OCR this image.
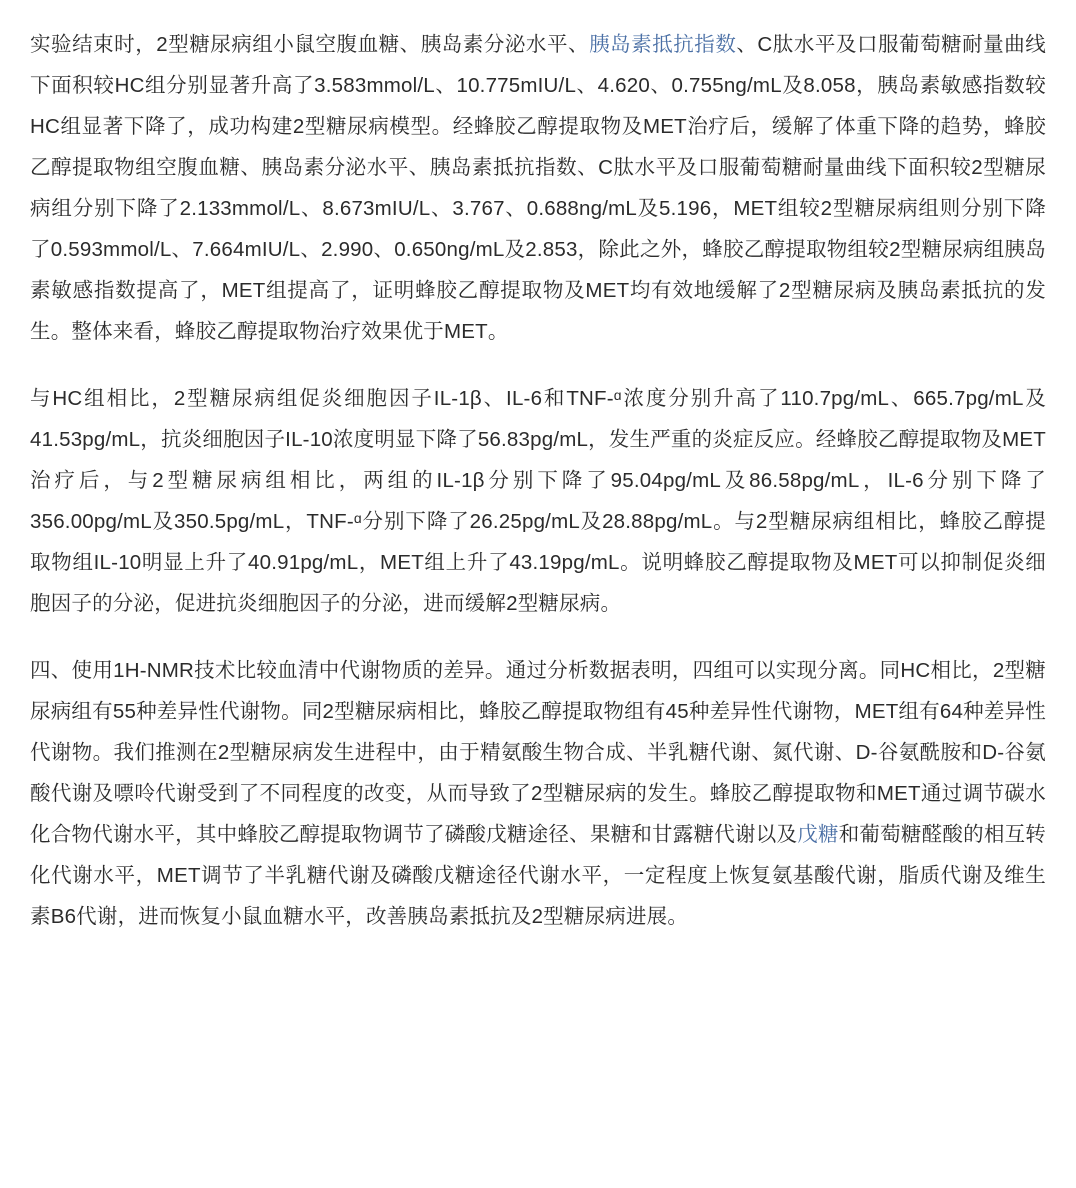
实验结束时，2型糖尿病组小鼠空腹血糖、胰岛素分泌水平、胰岛素抵抗指数、C肽水平及口服葡萄糖耐量曲线下面积较HC组分别显著升高了3.583mmol/L、10.775mIU/L、4.620、0.755ng/mL及8.058，胰岛素敏感指数较HC组显著下降了，成功构建2型糖尿病模型。经蜂胶乙醇提取物及MET治疗后，缓解了体重下降的趋势，蜂胶乙醇提取物组空腹血糖、胰岛素分泌水平、胰岛素抵抗指数、C肽水平及口服葡萄糖耐量曲线下面积较2型糖尿病组分别下降了2.133mmol/L、8.673mIU/L、3.767、0.688ng/mL及5.196，MET组较2型糖尿病组则分别下降了0.593mmol/L、7.664mIU/L、2.990、0.650ng/mL及2.853，除此之外，蜂胶乙醇提取物组较2型糖尿病组胰岛素敏感指数提高了，MET组提高了，证明蜂胶乙醇提取物及MET均有效地缓解了2型糖尿病及胰岛素抵抗的发生。整体来看，蜂胶乙醇提取物治疗效果优于MET。

与HC组相比，2型糖尿病组促炎细胞因子IL-1β、IL-6和TNF-ᵅ浓度分别升高了110.7pg/mL、665.7pg/mL及41.53pg/mL，抗炎细胞因子IL-10浓度明显下降了56.83pg/mL，发生严重的炎症反应。经蜂胶乙醇提取物及MET治疗后，与2型糖尿病组相比，两组的IL-1β分别下降了95.04pg/mL及86.58pg/mL，IL-6分别下降了356.00pg/mL及350.5pg/mL，TNF-ᵅ分别下降了26.25pg/mL及28.88pg/mL。与2型糖尿病组相比，蜂胶乙醇提取物组IL-10明显上升了40.91pg/mL，MET组上升了43.19pg/mL。说明蜂胶乙醇提取物及MET可以抑制促炎细胞因子的分泌，促进抗炎细胞因子的分泌，进而缓解2型糖尿病。

四、使用1H-NMR技术比较血清中代谢物质的差异。通过分析数据表明，四组可以实现分离。同HC相比，2型糖尿病组有55种差异性代谢物。同2型糖尿病相比，蜂胶乙醇提取物组有45种差异性代谢物，MET组有64种差异性代谢物。我们推测在2型糖尿病发生进程中，由于精氨酸生物合成、半乳糖代谢、氮代谢、D-谷氨酰胺和D-谷氨酸代谢及嘌呤代谢受到了不同程度的改变，从而导致了2型糖尿病的发生。蜂胶乙醇提取物和MET通过调节碳水化合物代谢水平，其中蜂胶乙醇提取物调节了磷酸戊糖途径、果糖和甘露糖代谢以及戊糖和葡萄糖醛酸的相互转化代谢水平，MET调节了半乳糖代谢及磷酸戊糖途径代谢水平，一定程度上恢复氨基酸代谢，脂质代谢及维生素B6代谢，进而恢复小鼠血糖水平，改善胰岛素抵抗及2型糖尿病进展。
